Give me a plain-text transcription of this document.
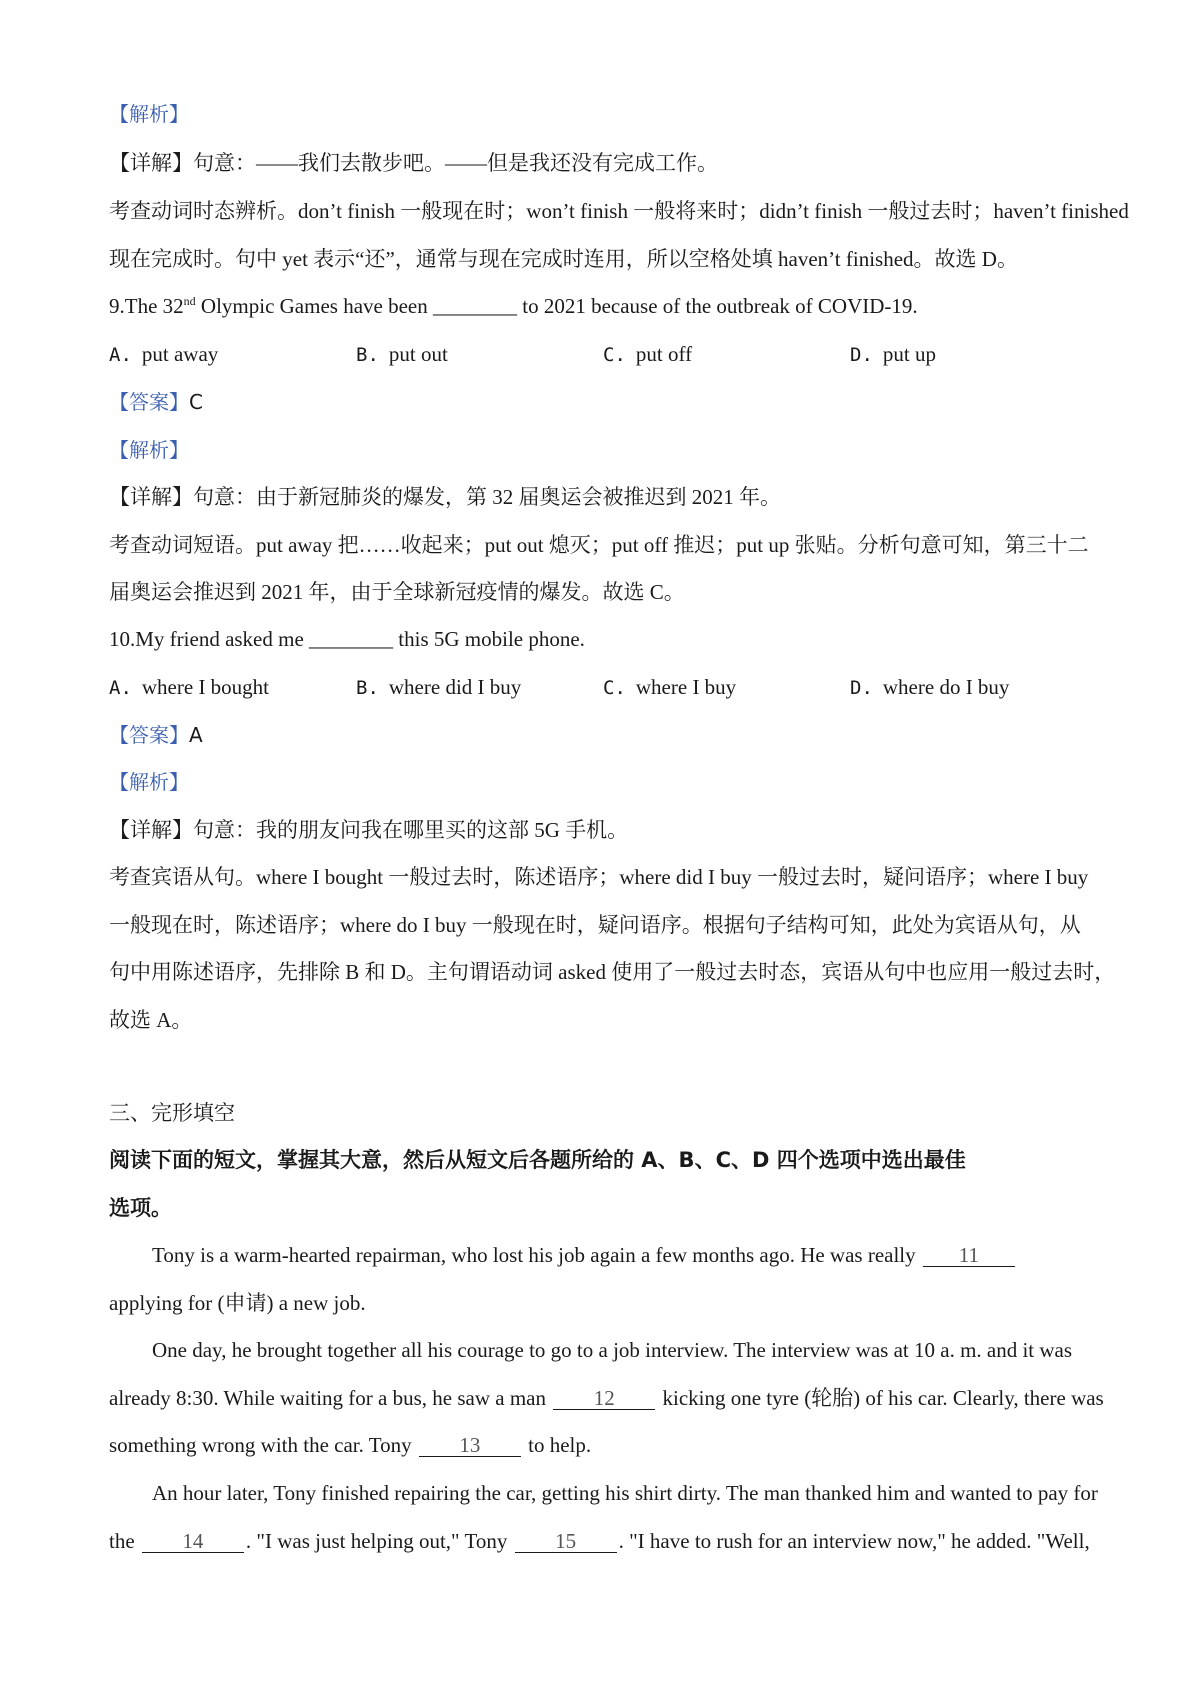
【解析】
【详解】句意：——我们去散步吧。——但是我还没有完成工作。
考查动词时态辨析。don’t finish 一般现在时；won’t finish 一般将来时；didn’t finish 一般过去时；haven’t finished
现在完成时。句中 yet 表示“还”，通常与现在完成时连用，所以空格处填 haven’t finished。故选 D。
9.The 32nd Olympic Games have been ________ to 2021 because of the outbreak of COVID-19.
A. put away	B. put out	C. put off	D. put up
【答案】C
【解析】
【详解】句意：由于新冠肺炎的爆发，第 32 届奥运会被推迟到 2021 年。
考查动词短语。put away 把……收起来；put out 熄灭；put off 推迟；put up 张贴。分析句意可知，第三十二
届奥运会推迟到 2021 年，由于全球新冠疫情的爆发。故选 C。
10.My friend asked me ________ this 5G mobile phone.
A. where I bought	B. where did I buy	C. where I buy	D. where do I buy
【答案】A
【解析】
【详解】句意：我的朋友问我在哪里买的这部 5G 手机。
考查宾语从句。where I bought 一般过去时，陈述语序；where did I buy 一般过去时，疑问语序；where I buy
一般现在时，陈述语序；where do I buy 一般现在时，疑问语序。根据句子结构可知，此处为宾语从句，从
句中用陈述语序，先排除 B 和 D。主句谓语动词 asked 使用了一般过去时态，宾语从句中也应用一般过去时，
故选 A。
三、完形填空
阅读下面的短文，掌握其大意，然后从短文后各题所给的 A、B、C、D 四个选项中选出最佳
选项。
Tony is a warm-hearted repairman, who lost his job again a few months ago. He was really 11
applying for (申请) a new job.
One day, he brought together all his courage to go to a job interview. The interview was at 10 a. m. and it was
already 8:30. While waiting for a bus, he saw a man 12 kicking one tyre (轮胎) of his car. Clearly, there was
something wrong with the car. Tony 13 to help.
An hour later, Tony finished repairing the car, getting his shirt dirty. The man thanked him and wanted to pay for
the 14 . "I was just helping out," Tony 15 . "I have to rush for an interview now," he added. "Well,
